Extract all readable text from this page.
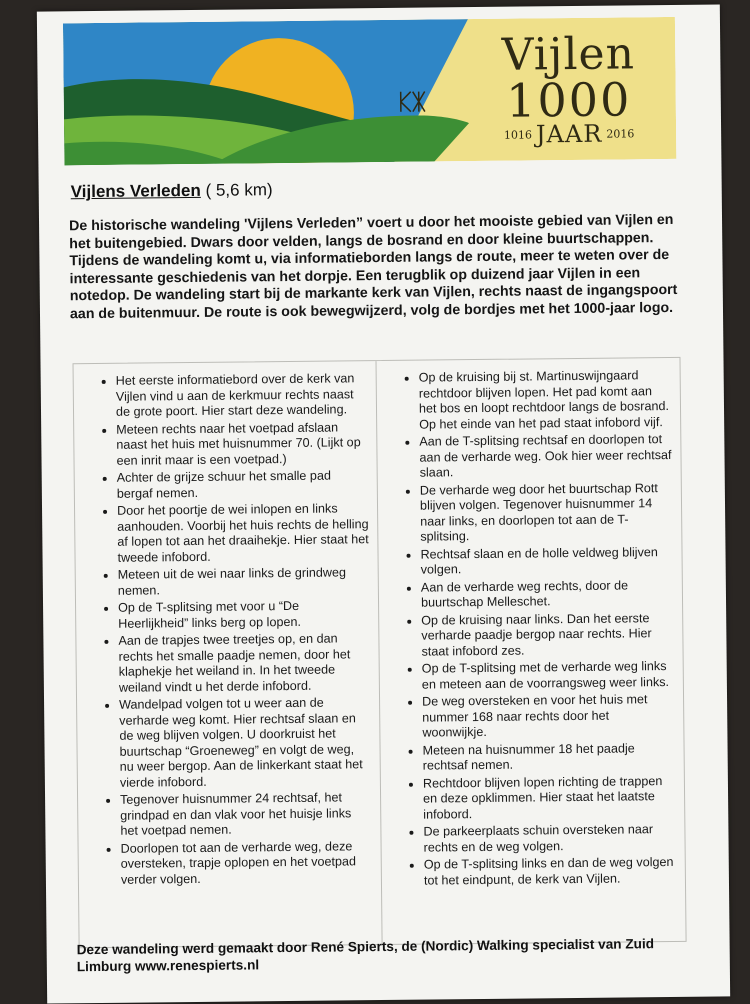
Vijlen
1000
1016 JAAR 2016
Vijlens Verleden ( 5,6 km)
De historische wandeling 'Vijlens Verleden” voert u door het mooiste gebied van Vijlen en het buitengebied. Dwars door velden, langs de bosrand en door kleine buurtschappen. Tijdens de wandeling komt u, via informatieborden langs de route, meer te weten over de interessante geschiedenis van het dorpje. Een terugblik op duizend jaar Vijlen in een notedop. De wandeling start bij de markante kerk van Vijlen, rechts naast de ingangspoort aan de buitenmuur. De route is ook bewegwijzerd, volg de bordjes met het 1000-jaar logo.
• Het eerste informatiebord over de kerk van Vijlen vind u aan de kerkmuur rechts naast de grote poort. Hier start deze wandeling.
• Meteen rechts naar het voetpad afslaan naast het huis met huisnummer 70. (Lijkt op een inrit maar is een voetpad.)
• Achter de grijze schuur het smalle pad bergaf nemen.
• Door het poortje de wei inlopen en links aanhouden. Voorbij het huis rechts de helling af lopen tot aan het draaihekje. Hier staat het tweede infobord.
• Meteen uit de wei naar links de grindweg nemen.
• Op de T-splitsing met voor u “De Heerlijkheid” links berg op lopen.
• Aan de trapjes twee treetjes op, en dan rechts het smalle paadje nemen, door het klaphekje het weiland in. In het tweede weiland vindt u het derde infobord.
• Wandelpad volgen tot u weer aan de verharde weg komt. Hier rechtsaf slaan en de weg blijven volgen. U doorkruist het buurtschap “Groeneweg” en volgt de weg, nu weer bergop. Aan de linkerkant staat het vierde infobord.
• Tegenover huisnummer 24 rechtsaf, het grindpad en dan vlak voor het huisje links het voetpad nemen.
• Doorlopen tot aan de verharde weg, deze oversteken, trapje oplopen en het voetpad verder volgen.
• Op de kruising bij st. Martinuswijngaard rechtdoor blijven lopen. Het pad komt aan het bos en loopt rechtdoor langs de bosrand. Op het einde van het pad staat infobord vijf.
• Aan de T-splitsing rechtsaf en doorlopen tot aan de verharde weg. Ook hier weer rechtsaf slaan.
• De verharde weg door het buurtschap Rott blijven volgen. Tegenover huisnummer 14 naar links, en doorlopen tot aan de T-splitsing.
• Rechtsaf slaan en de holle veldweg blijven volgen.
• Aan de verharde weg rechts, door de buurtschap Melleschet.
• Op de kruising naar links. Dan het eerste verharde paadje bergop naar rechts. Hier staat infobord zes.
• Op de T-splitsing met de verharde weg links en meteen aan de voorrangsweg weer links.
• De weg oversteken en voor het huis met nummer 168 naar rechts door het woonwijkje.
• Meteen na huisnummer 18 het paadje rechtsaf nemen.
• Rechtdoor blijven lopen richting de trappen en deze opklimmen. Hier staat het laatste infobord.
• De parkeerplaats schuin oversteken naar rechts en de weg volgen.
• Op de T-splitsing links en dan de weg volgen tot het eindpunt, de kerk van Vijlen.
Deze wandeling werd gemaakt door René Spierts, de (Nordic) Walking specialist van Zuid Limburg www.renespierts.nl
